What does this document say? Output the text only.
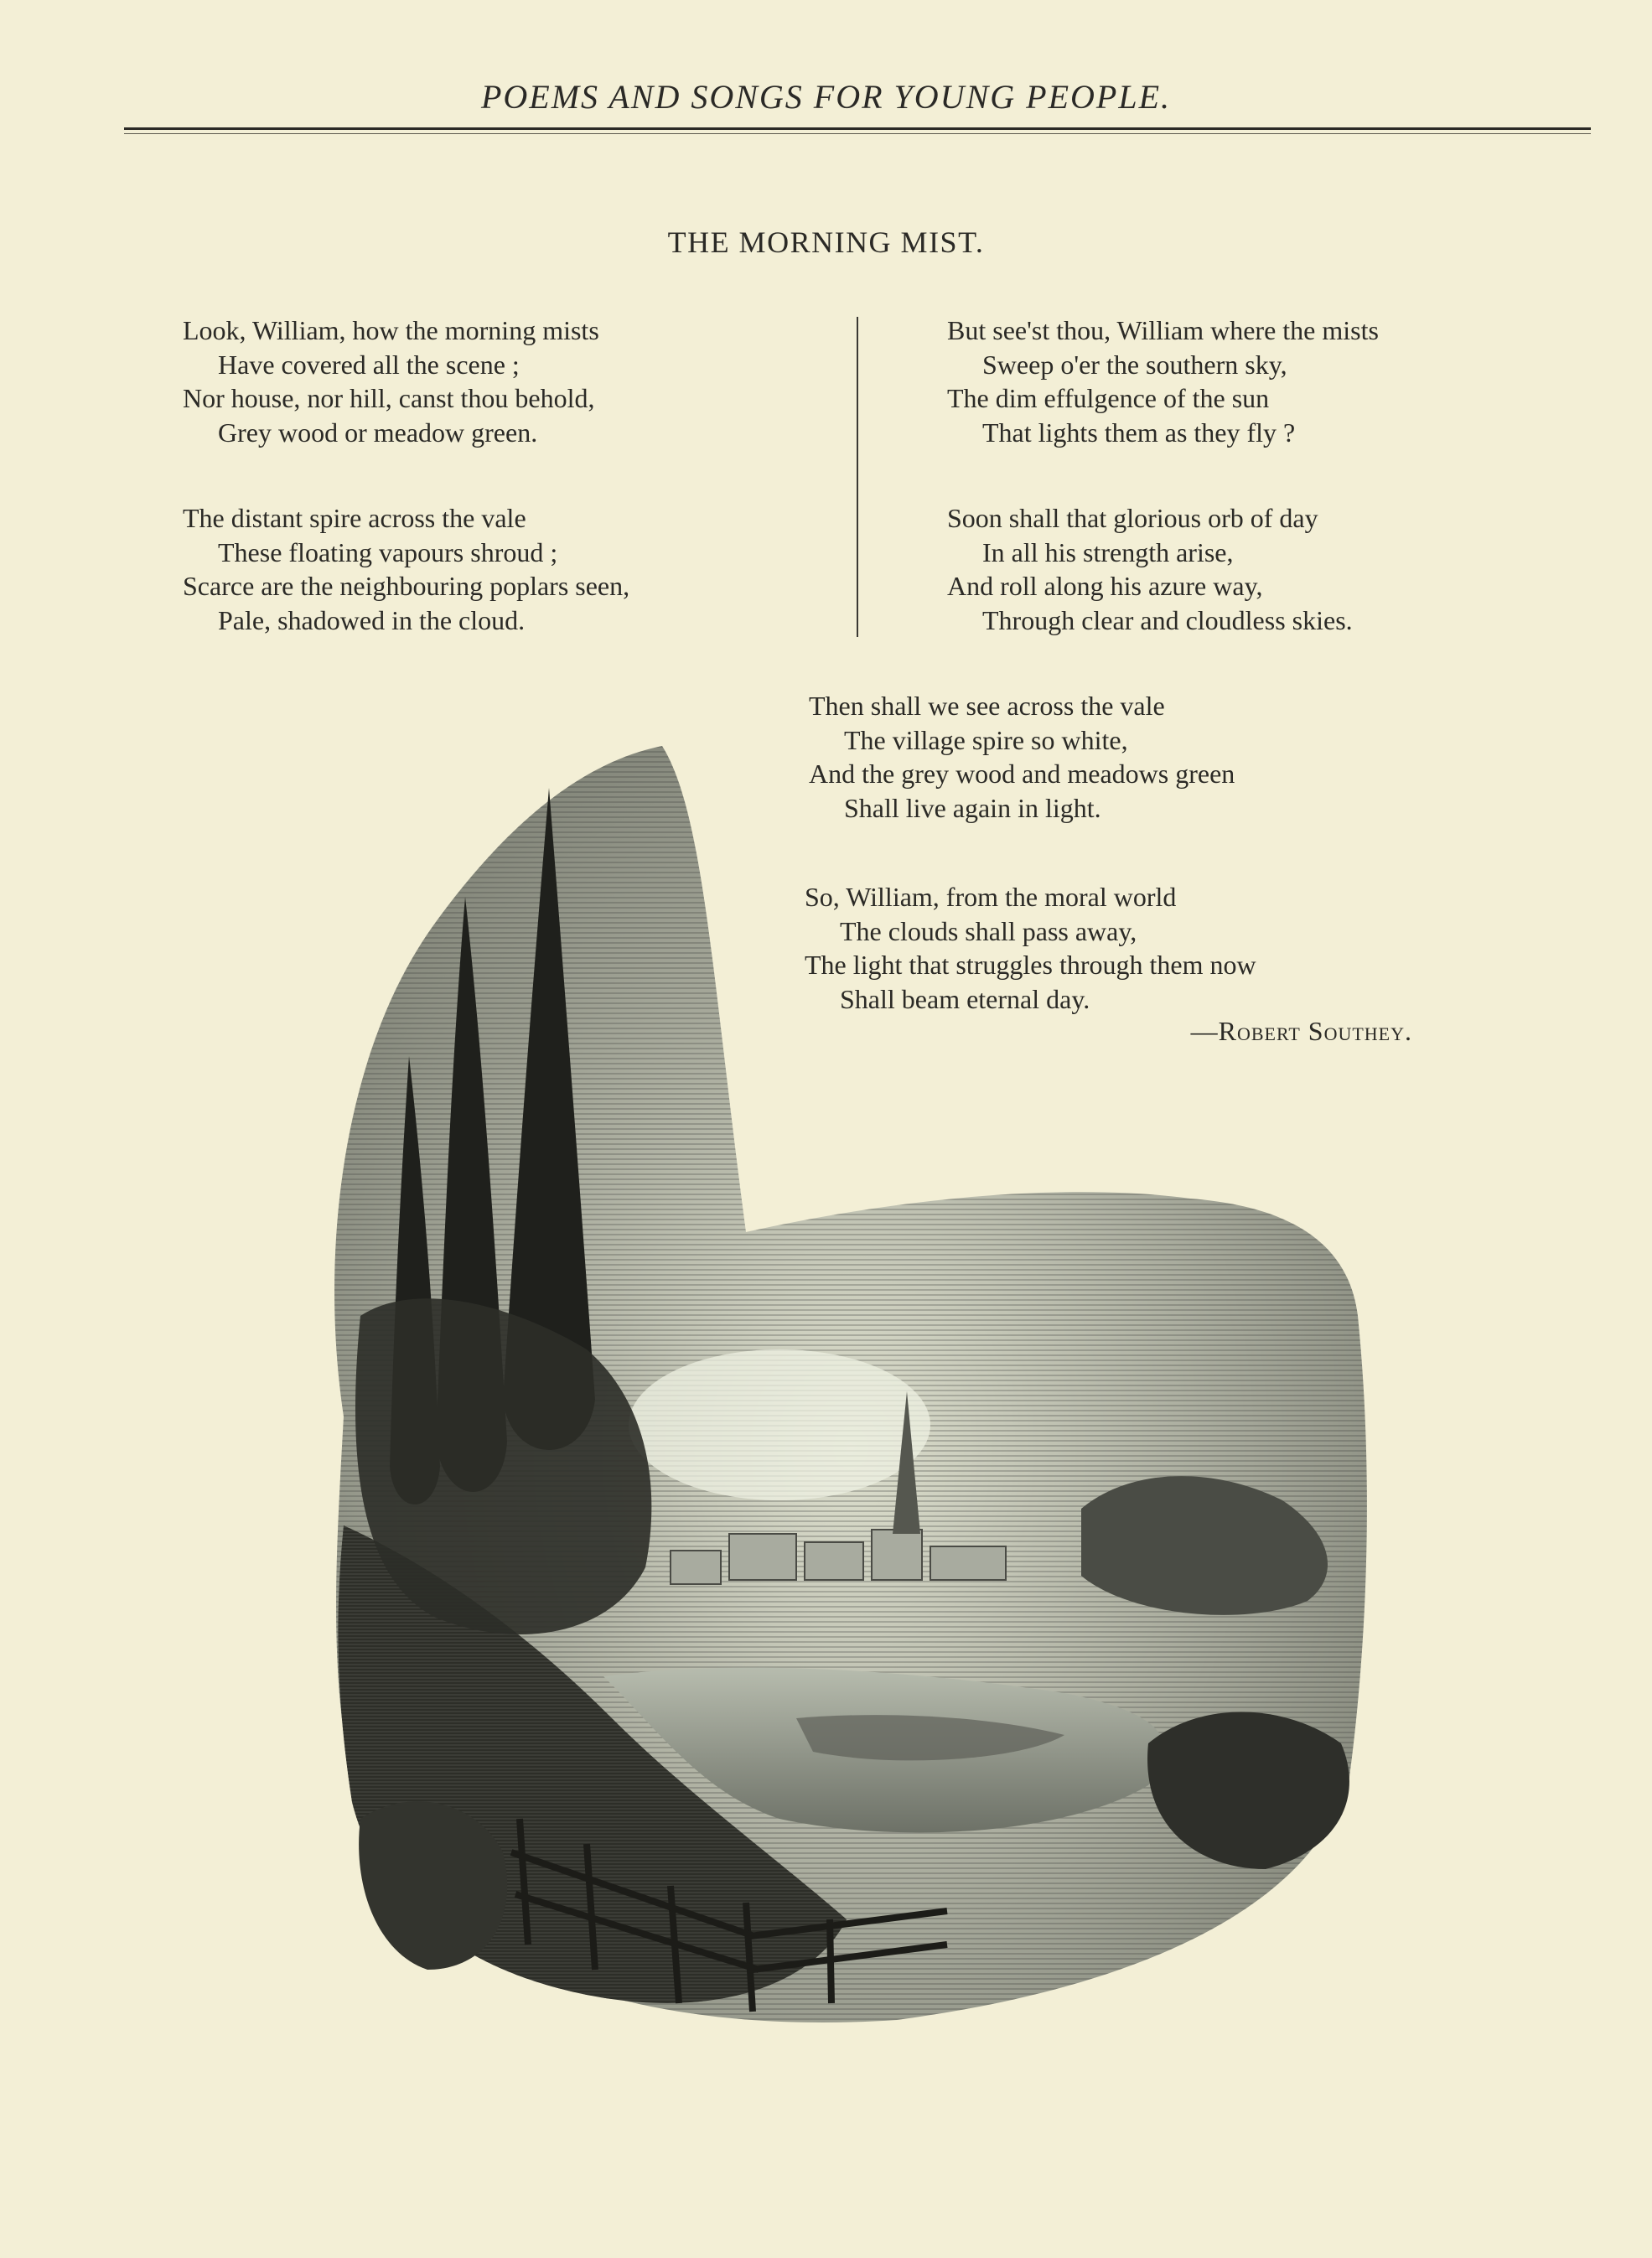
POEMS AND SONGS FOR YOUNG PEOPLE.
THE MORNING MIST.
Look, William, how the morning mists
Have covered all the scene ;
Nor house, nor hill, canst thou behold,
Grey wood or meadow green.
The distant spire across the vale
These floating vapours shroud ;
Scarce are the neighbouring poplars seen,
Pale, shadowed in the cloud.
But see'st thou, William where the mists
Sweep o'er the southern sky,
The dim effulgence of the sun
That lights them as they fly ?
Soon shall that glorious orb of day
In all his strength arise,
And roll along his azure way,
Through clear and cloudless skies.
Then shall we see across the vale
The village spire so white,
And the grey wood and meadows green
Shall live again in light.
So, William, from the moral world
The clouds shall pass away,
The light that struggles through them now
Shall beam eternal day.
—Robert Southey.
